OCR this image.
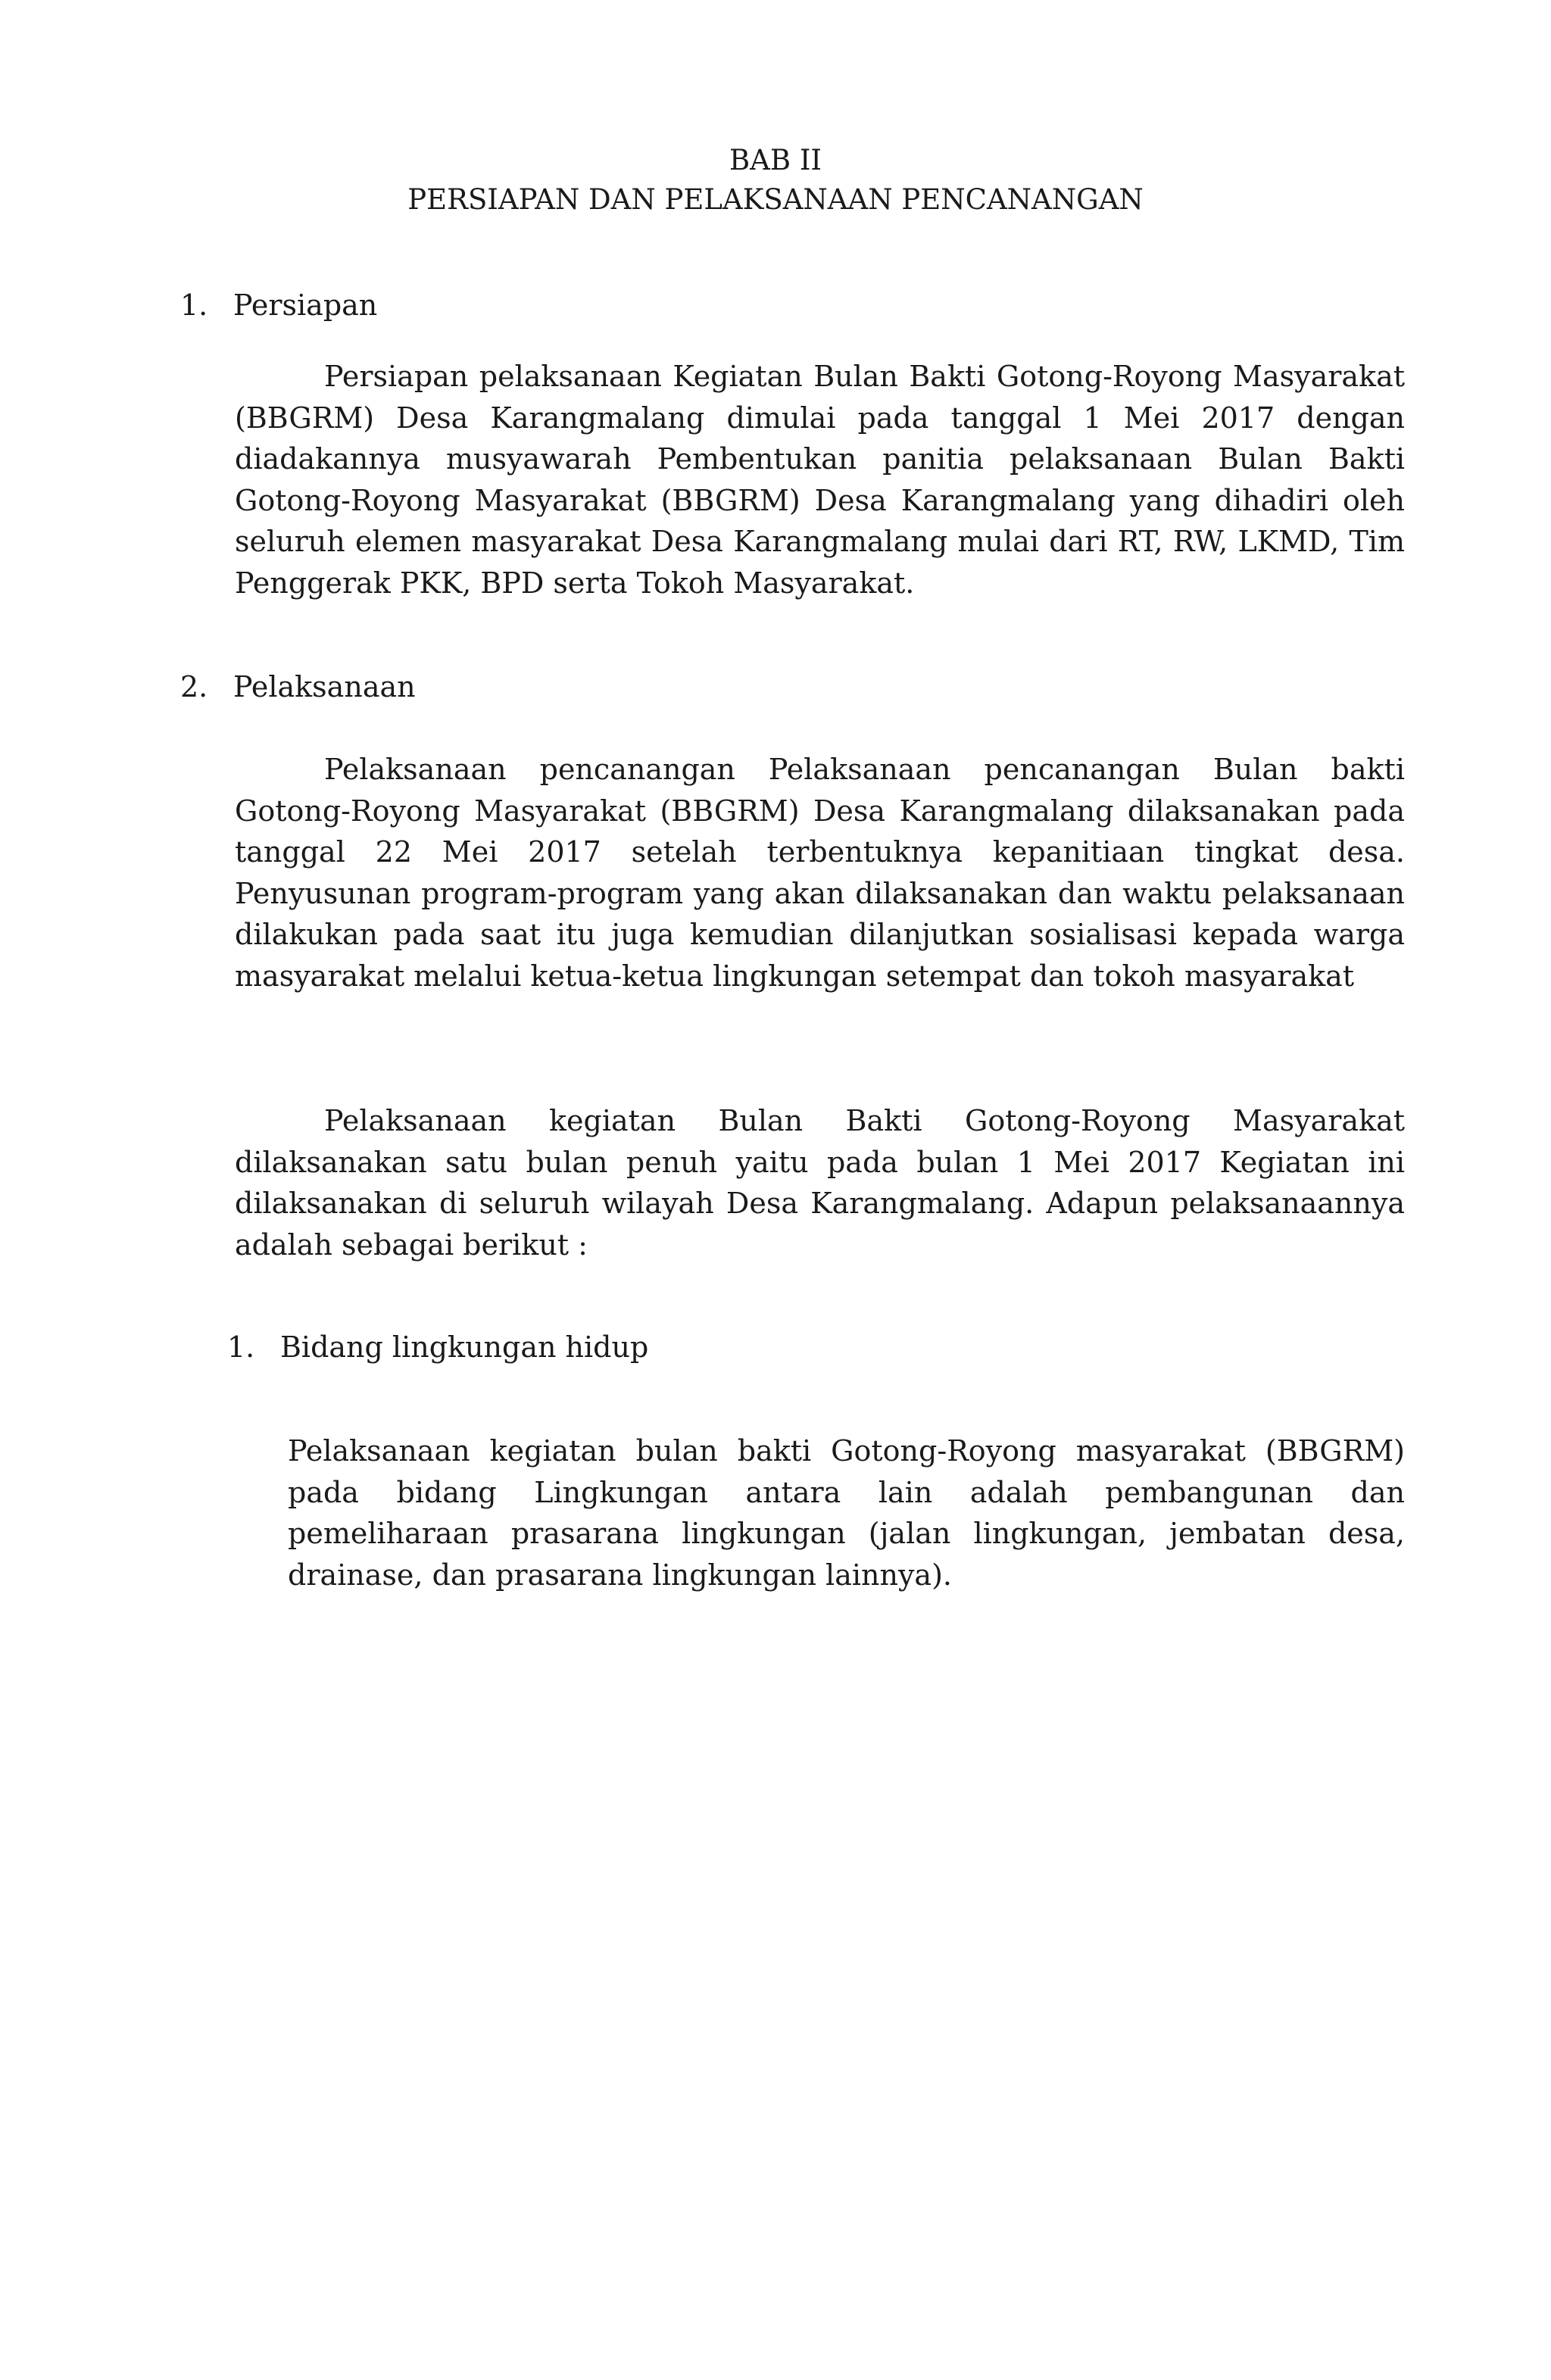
BAB II
PERSIAPAN DAN PELAKSANAAN PENCANANGAN
1. Persiapan

Persiapan pelaksanaan Kegiatan Bulan Bakti Gotong-Royong Masyarakat (BBGRM) Desa Karangmalang dimulai pada tanggal 1 Mei 2017 dengan diadakannya musyawarah Pembentukan panitia pelaksanaan Bulan Bakti Gotong-Royong Masyarakat (BBGRM) Desa Karangmalang yang dihadiri oleh seluruh elemen masyarakat Desa Karangmalang mulai dari RT, RW, LKMD, Tim Penggerak PKK, BPD serta Tokoh Masyarakat.

2. Pelaksanaan

Pelaksanaan pencanangan Pelaksanaan pencanangan Bulan bakti Gotong-Royong Masyarakat (BBGRM) Desa Karangmalang dilaksanakan pada tanggal 22 Mei 2017 setelah terbentuknya kepanitiaan tingkat desa. Penyusunan program-program yang akan dilaksanakan dan waktu pelaksanaan dilakukan pada saat itu juga kemudian dilanjutkan sosialisasi kepada warga masyarakat melalui ketua-ketua lingkungan setempat dan tokoh masyarakat

Pelaksanaan kegiatan Bulan Bakti Gotong-Royong Masyarakat dilaksanakan satu bulan penuh yaitu pada bulan 1 Mei 2017 Kegiatan ini dilaksanakan di seluruh wilayah Desa Karangmalang. Adapun pelaksanaannya adalah sebagai berikut :

1. Bidang lingkungan hidup

Pelaksanaan kegiatan bulan bakti Gotong-Royong masyarakat (BBGRM) pada bidang Lingkungan antara lain adalah pembangunan dan pemeliharaan prasarana lingkungan (jalan lingkungan, jembatan desa, drainase, dan prasarana lingkungan lainnya).
